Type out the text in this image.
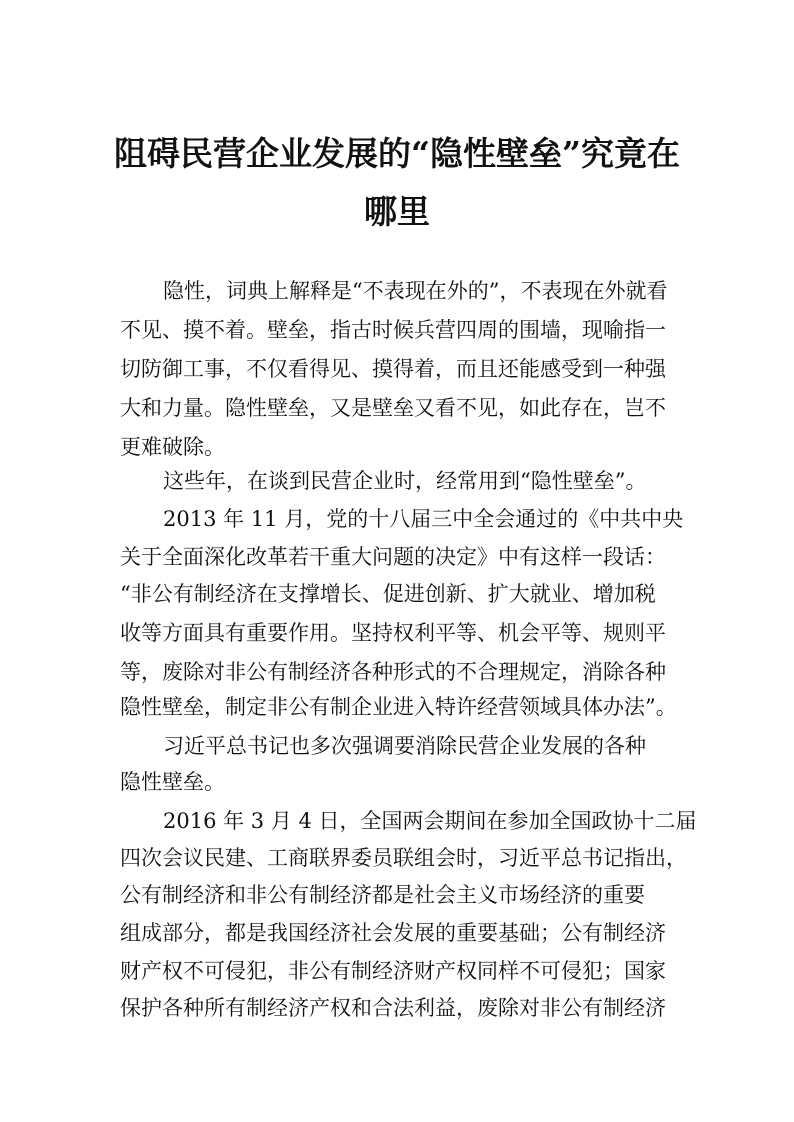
阻碍民营企业发展的“隐性壁垒”究竟在
哪里

隐性，词典上解释是“不表现在外的”，不表现在外就看

不见、摸不着。壁垒，指古时候兵营四周的围墙，现喻指一

切防御工事，不仅看得见、摸得着，而且还能感受到一种强

大和力量。隐性壁垒，又是壁垒又看不见，如此存在，岂不

更难破除。

这些年，在谈到民营企业时，经常用到“隐性壁垒”。

2013 年 11 月，党的十八届三中全会通过的《中共中央

关于全面深化改革若干重大问题的决定》中有这样一段话：

“非公有制经济在支撑增长、促进创新、扩大就业、增加税

收等方面具有重要作用。坚持权利平等、机会平等、规则平

等，废除对非公有制经济各种形式的不合理规定，消除各种

隐性壁垒，制定非公有制企业进入特许经营领域具体办法”。

习近平总书记也多次强调要消除民营企业发展的各种

隐性壁垒。

2016 年 3 月 4 日，全国两会期间在参加全国政协十二届

四次会议民建、工商联界委员联组会时，习近平总书记指出，

公有制经济和非公有制经济都是社会主义市场经济的重要

组成部分，都是我国经济社会发展的重要基础；公有制经济

财产权不可侵犯，非公有制经济财产权同样不可侵犯；国家

保护各种所有制经济产权和合法利益，废除对非公有制经济
